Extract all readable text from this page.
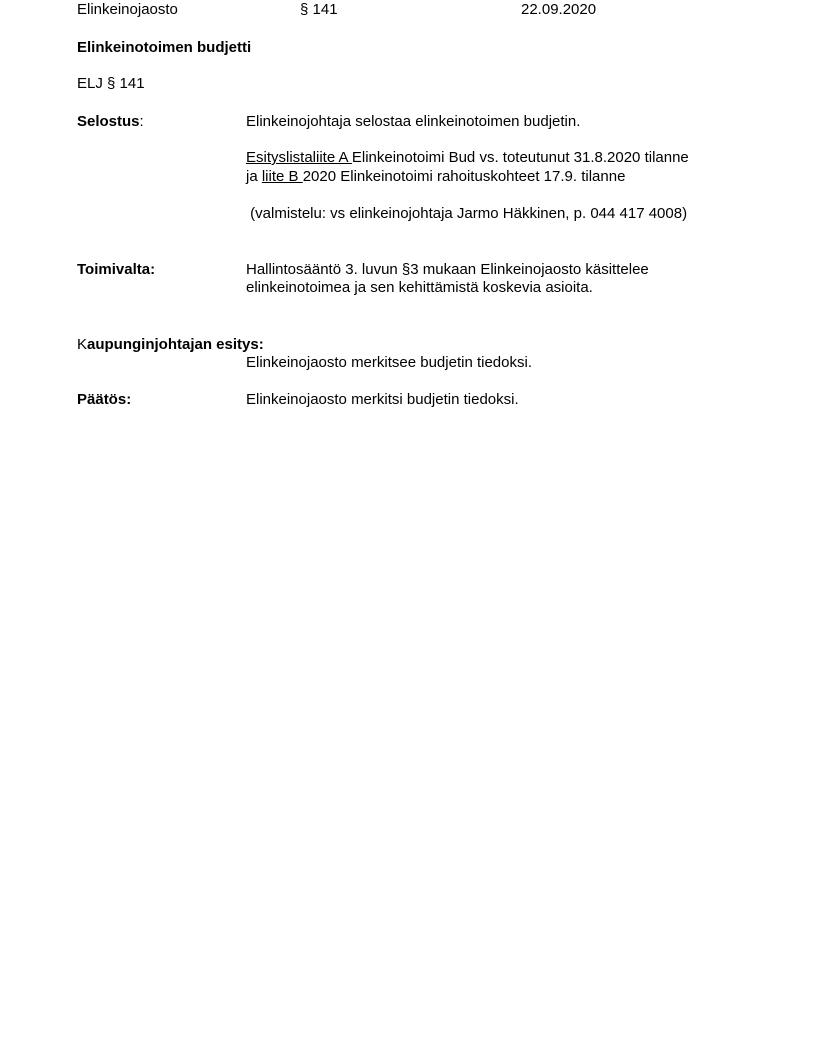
Elinkeinojaosto	§ 141	22.09.2020
Elinkeinotoimen budjetti
ELJ § 141
Selostus:	Elinkeinojohtaja selostaa elinkeinotoimen budjetin.
Esityslistaliite A Elinkeinotoimi Bud vs. toteutunut 31.8.2020 tilanne
ja liite B 2020 Elinkeinotoimi rahoituskohteet 17.9. tilanne
(valmistelu: vs elinkeinojohtaja Jarmo Häkkinen, p. 044 417 4008)
Toimivalta:	Hallintosääntö 3. luvun §3 mukaan Elinkeinojaosto käsittelee
elinkeinotoimea ja sen kehittämistä koskevia asioita.
Kaupunginjohtajan esitys:
Elinkeinojaosto merkitsee budjetin tiedoksi.
Päätös:	Elinkeinojaosto merkitsi budjetin tiedoksi.
